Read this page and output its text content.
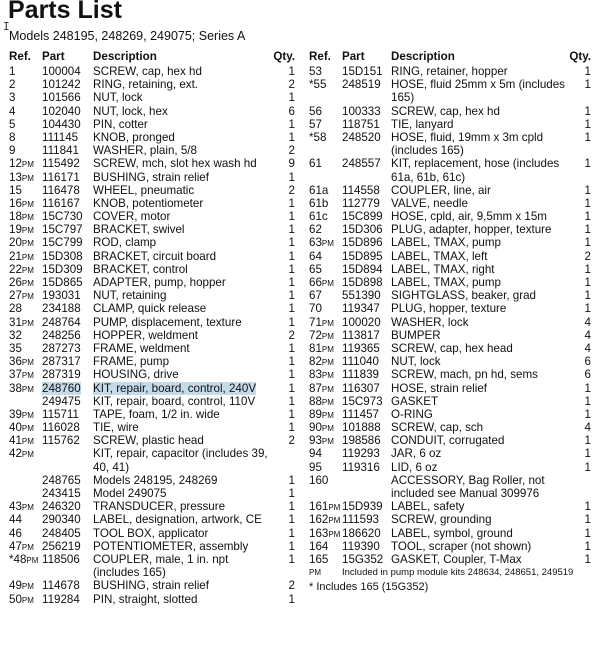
Parts List
I
Models 248195, 248269, 249075; Series A
Ref. Part Description	Qty.
1 100004 SCREW, cap, hex hd	1
2 101242 RING, retaining, ext.	2
3 101566 NUT, lock	1
4 102040 NUT, lock, hex	6
5 104430 PIN, cotter	1
8 111145 KNOB, pronged	1
9 111841 WASHER, plain, 5/8	2
12PM 115492 SCREW, mch, slot hex wash hd	9
13PM 116171 BUSHING, strain relief	1
15 116478 WHEEL, pneumatic	2
16PM 116167 KNOB, potentiometer	1
18PM 15C730 COVER, motor	1
19PM 15C797 BRACKET, swivel	1
20PM 15C799 ROD, clamp	1
21PM 15D308 BRACKET, circuit board	1
22PM 15D309 BRACKET, control	1
26PM 15D865 ADAPTER, pump, hopper	1
27PM 193031 NUT, retaining	1
28 234188 CLAMP, quick release	1
31PM 248764 PUMP, displacement, texture	1
32 248256 HOPPER, weldment	2
35 287273 FRAME, weldment	1
36PM 287317 FRAME, pump	1
37PM 287319 HOUSING, drive	1
38PM 248760 KIT, repair, board, control, 240V	1
249475 KIT, repair, board, control, 110V	1
39PM 115711 TAPE, foam, 1/2 in. wide	1
40PM 116028 TIE, wire	1
41PM 115762 SCREW, plastic head	2
42PM	KIT, repair, capacitor (includes 39, 40, 41)
248765 Models 248195, 248269	1
243415 Model 249075	1
43PM 246320 TRANSDUCER, pressure	1
44 290340 LABEL, designation, artwork, CE	1
46 248405 TOOL BOX, applicator	1
47PM 256219 POTENTIOMETER, assembly	1
*48PM 118506 COUPLER, male, 1 in. npt (includes 165)
1
49PM 114678 BUSHING, strain relief	2
50PM 119284 PIN, straight, slotted	1
Ref. Part Description	Qty.
53 15D151 RING, retainer, hopper	1
*55 248519 HOSE, fluid 25mm x 5m (includes 165)
1
56 100333 SCREW, cap, hex hd	1
57 118751 TIE, lanyard	1
*58 248520 HOSE, fluid, 19mm x 3m cpld (includes 165)
1
61 248557 KIT, replacement, hose (includes 61a, 61b, 61c)
1
61a 114558 COUPLER, line, air	1
61b 112779 VALVE, needle	1
61c 15C899 HOSE, cpld, air, 9,5mm x 15m	1
62 15D306 PLUG, adapter, hopper, texture	1
63PM 15D896 LABEL, TMAX, pump	1
64 15D895 LABEL, TMAX, left	2
65 15D894 LABEL, TMAX, right	1
66PM 15D898 LABEL, TMAX, pump	1
67 551390 SIGHTGLASS, beaker, grad	1
70 119347 PLUG, hopper, texture	1
71PM 100020 WASHER, lock	4
72PM 113817 BUMPER	4
81PM 119365 SCREW, cap, hex head	4
82PM 111040 NUT, lock	6
83PM 111839 SCREW, mach, pn hd, sems	6
87PM 116307 HOSE, strain relief	1
88PM 15C973 GASKET	1
89PM 111457 O-RING	1
90PM 101888 SCREW, cap, sch	4
93PM 198586 CONDUIT, corrugated	1
94 119293 JAR, 6 oz	1
95 119316 LID, 6 oz	1
160	ACCESSORY, Bag Roller, not included see Manual 309976
161PM 15D939 LABEL, safety	1
162PM 111593 SCREW, grounding	1
163PM 186620 LABEL, symbol, ground	1
164 119390 TOOL, scraper (not shown)	1
165 15G352 GASKET, Coupler, T-Max	1
PM Included in pump module kits 248634, 248651, 249519
* Includes 165 (15G352)
